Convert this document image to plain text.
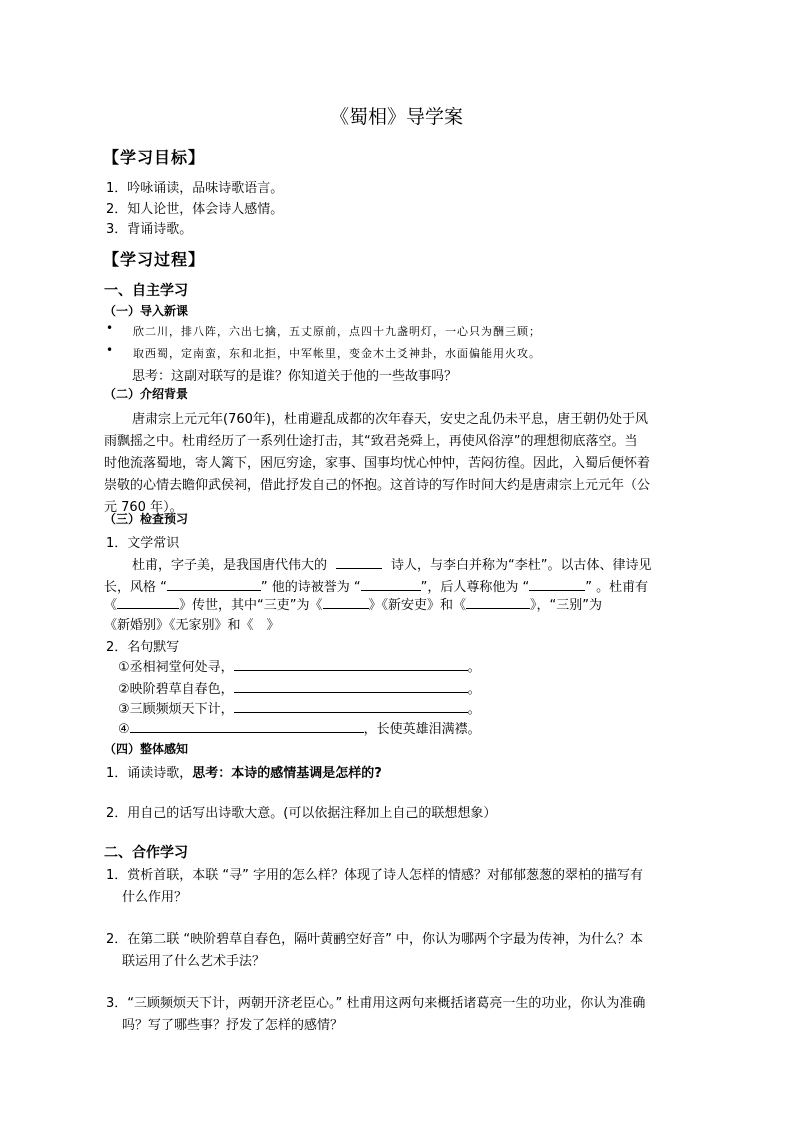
《蜀相》导学案
【学习目标】
1．吟咏诵读，品味诗歌语言。
2．知人论世，体会诗人感情。
3．背诵诗歌。
【学习过程】
一、自主学习
（一）导入新课
• 欣二川，排八阵，六出七擒，五丈原前，点四十九盏明灯，一心只为酬三顾；
• 取西蜀，定南蛮，东和北拒，中军帐里，变金木土爻神卦，水面偏能用火攻。
思考：这副对联写的是谁？你知道关于他的一些故事吗？
（二）介绍背景
唐肃宗上元元年(760年)，杜甫避乱成都的次年春天，安史之乱仍未平息，唐王朝仍处于风
雨飘摇之中。杜甫经历了一系列仕途打击，其“致君尧舜上，再使风俗淳”的理想彻底落空。当
时他流落蜀地，寄人篱下，困厄穷途，家事、国事均忧心忡忡，苦闷彷徨。因此，入蜀后便怀着
崇敬的心情去瞻仰武侯祠，借此抒发自己的怀抱。这首诗的写作时间大约是唐肃宗上元元年（公
元 760 年）。
（三）检查预习
1．文学常识
杜甫，字子美，是我国唐代伟大的	诗人，与李白并称为“李杜”。以古体、律诗见
长，风格 “	” 他的诗被誉为 “	”，后人尊称他为 “	” 。杜甫有
《	》传世，其中“三吏”为《	》《新安吏》和《	》，“三别”为
《新婚别》《无家别》和《　》
2．名句默写
①丞相祠堂何处寻，	。
②映阶碧草自春色，	。
③三顾频烦天下计，	。
④	，长使英雄泪满襟。
（四）整体感知
1．诵读诗歌，思考：本诗的感情基调是怎样的?
2．用自己的话写出诗歌大意。(可以依据注释加上自己的联想想象）
二、合作学习
1．赏析首联，本联 “寻” 字用的怎么样？体现了诗人怎样的情感？对郁郁葱葱的翠柏的描写有
什么作用？
2．在第二联 “映阶碧草自春色，隔叶黄鹂空好音” 中，你认为哪两个字最为传神，为什么？本
联运用了什么艺术手法？
3．“三顾频烦天下计，两朝开济老臣心。” 杜甫用这两句来概括诸葛亮一生的功业，你认为准确
吗？写了哪些事？抒发了怎样的感情？
